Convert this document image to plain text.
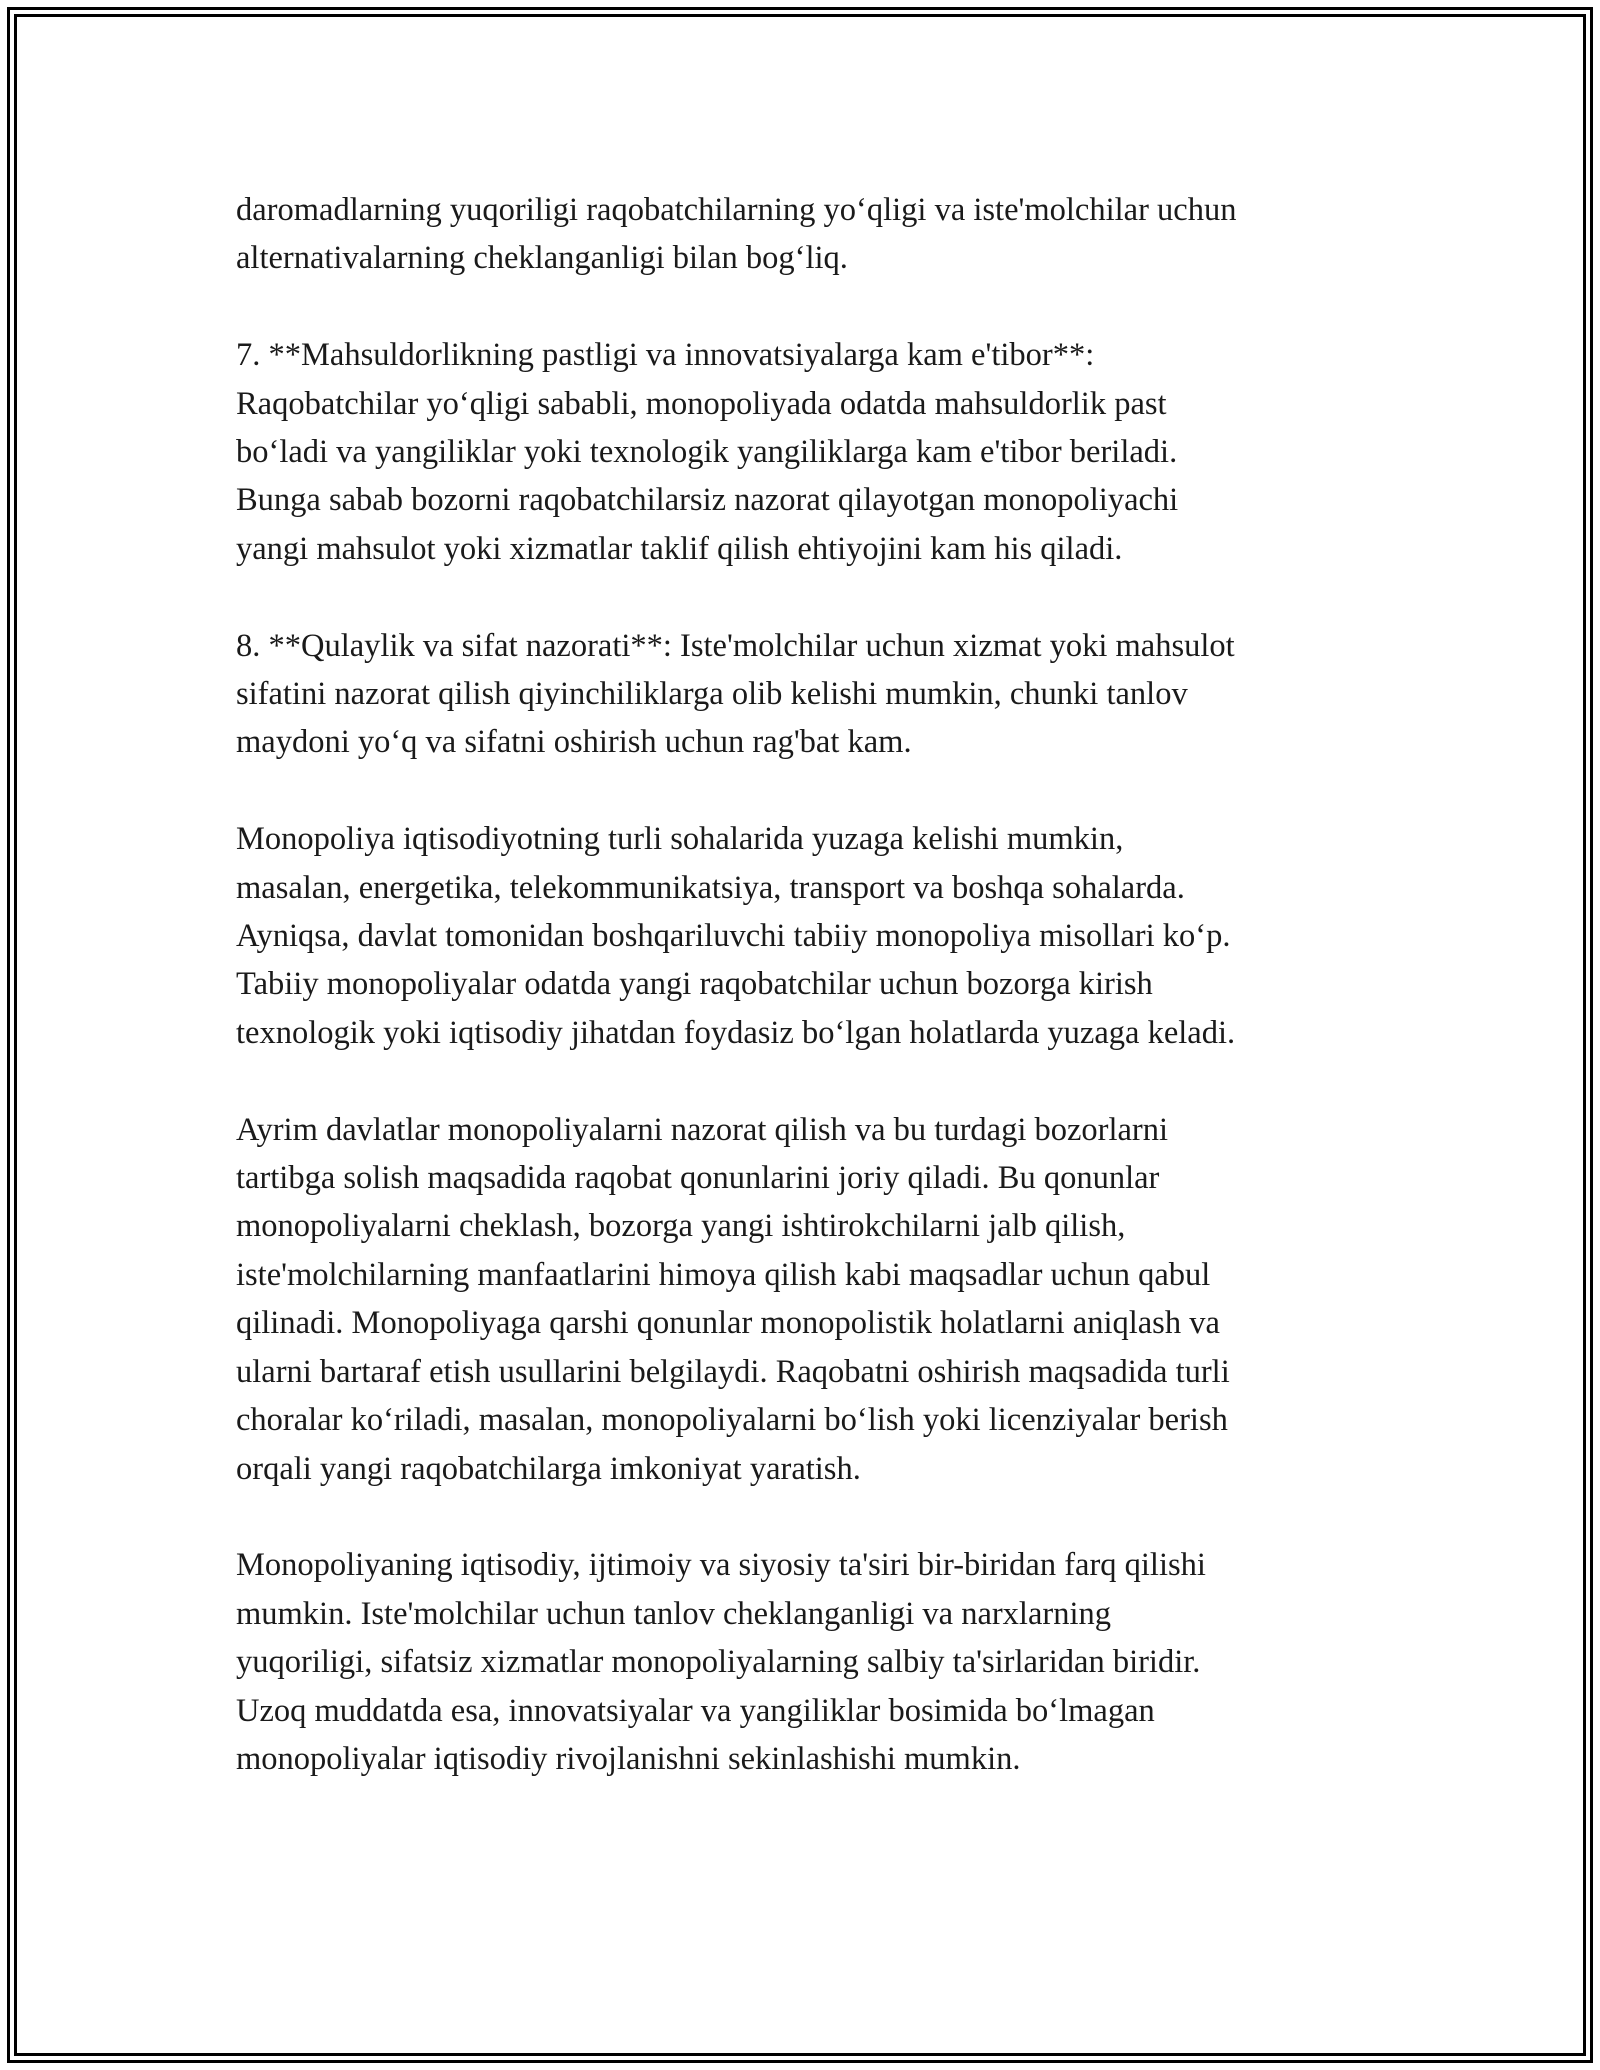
daromadlarning yuqoriligi raqobatchilarning yo‘qligi va iste'molchilar uchun
alternativalarning cheklanganligi bilan bog‘liq.

7. **Mahsuldorlikning pastligi va innovatsiyalarga kam e'tibor**:
Raqobatchilar yo‘qligi sababli, monopoliyada odatda mahsuldorlik past
bo‘ladi va yangiliklar yoki texnologik yangiliklarga kam e'tibor beriladi.
Bunga sabab bozorni raqobatchilarsiz nazorat qilayotgan monopoliyachi
yangi mahsulot yoki xizmatlar taklif qilish ehtiyojini kam his qiladi.

8. **Qulaylik va sifat nazorati**: Iste'molchilar uchun xizmat yoki mahsulot
sifatini nazorat qilish qiyinchiliklarga olib kelishi mumkin, chunki tanlov
maydoni yo‘q va sifatni oshirish uchun rag'bat kam.

Monopoliya iqtisodiyotning turli sohalarida yuzaga kelishi mumkin,
masalan, energetika, telekommunikatsiya, transport va boshqa sohalarda.
Ayniqsa, davlat tomonidan boshqariluvchi tabiiy monopoliya misollari ko‘p.
Tabiiy monopoliyalar odatda yangi raqobatchilar uchun bozorga kirish
texnologik yoki iqtisodiy jihatdan foydasiz bo‘lgan holatlarda yuzaga keladi.

Ayrim davlatlar monopoliyalarni nazorat qilish va bu turdagi bozorlarni
tartibga solish maqsadida raqobat qonunlarini joriy qiladi. Bu qonunlar
monopoliyalarni cheklash, bozorga yangi ishtirokchilarni jalb qilish,
iste'molchilarning manfaatlarini himoya qilish kabi maqsadlar uchun qabul
qilinadi. Monopoliyaga qarshi qonunlar monopolistik holatlarni aniqlash va
ularni bartaraf etish usullarini belgilaydi. Raqobatni oshirish maqsadida turli
choralar ko‘riladi, masalan, monopoliyalarni bo‘lish yoki licenziyalar berish
orqali yangi raqobatchilarga imkoniyat yaratish.

Monopoliyaning iqtisodiy, ijtimoiy va siyosiy ta'siri bir-biridan farq qilishi
mumkin. Iste'molchilar uchun tanlov cheklanganligi va narxlarning
yuqoriligi, sifatsiz xizmatlar monopoliyalarning salbiy ta'sirlaridan biridir.
Uzoq muddatda esa, innovatsiyalar va yangiliklar bosimida bo‘lmagan
monopoliyalar iqtisodiy rivojlanishni sekinlashishi mumkin.
